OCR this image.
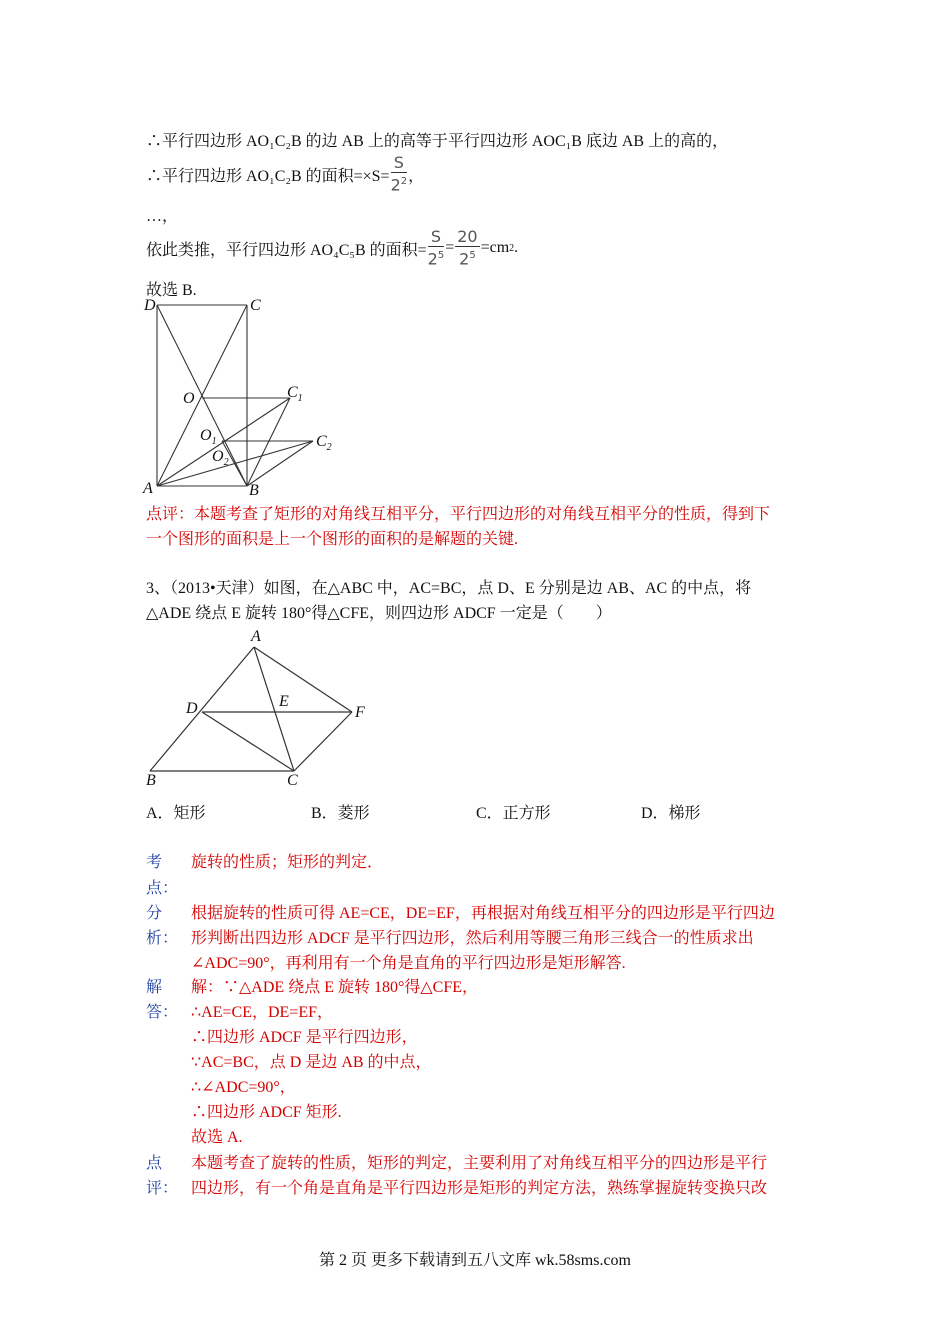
∴平行四边形 AO₁C₂B 的边 AB 上的高等于平行四边形 AOC₁B 底边 AB 上的高的，
∴平行四边形 AO₁C₂B 的面积$=\times S= \frac{S}{2^2}$ ，
…，
依此类推，平行四边形 AO₄C₅B 的面积= $\frac{S}{2^5} = \frac{20}{2^5} =cm$ 2 .
故选 B.
D	C
O	$C_1$
$O_1$	$C_2$
$O_2$
A	B
点评：本题考查了矩形的对角线互相平分，平行四边形的对角线互相平分的性质，得到下
一个图形的面积是上一个图形的面积的是解题的关键.
3、（2013•天津）如图，在△ABC 中，AC=BC，点 D、E 分别是边 AB、AC 的中点，将
△ADE 绕点 E 旋转 180°得△CFE，则四边形 ADCF 一定是（　　）
A
D	E
F
B	C
A．矩形	B．菱形	C．正方形	D．梯形
考
点：
旋转的性质；矩形的判定．
分
析：
根据旋转的性质可得 AE=CE，DE=EF，再根据对角线互相平分的四边形是平行四边
形判断出四边形 ADCF 是平行四边形，然后利用等腰三角形三线合一的性质求出
∠ADC=90°，再利用有一个角是直角的平行四边形是矩形解答.
解
答：
解：∵△ADE 绕点 E 旋转 180°得△CFE，
∴AE=CE，DE=EF，
∴四边形 ADCF 是平行四边形，
∵AC=BC，点 D 是边 AB 的中点，
∴∠ADC=90°，
∴四边形 ADCF 矩形.
故选 A.
点
评：
本题考查了旋转的性质，矩形的判定，主要利用了对角线互相平分的四边形是平行
四边形，有一个角是直角是平行四边形是矩形的判定方法，熟练掌握旋转变换只改
第 2 页 更多下载请到五八文库 wk.58sms.com
